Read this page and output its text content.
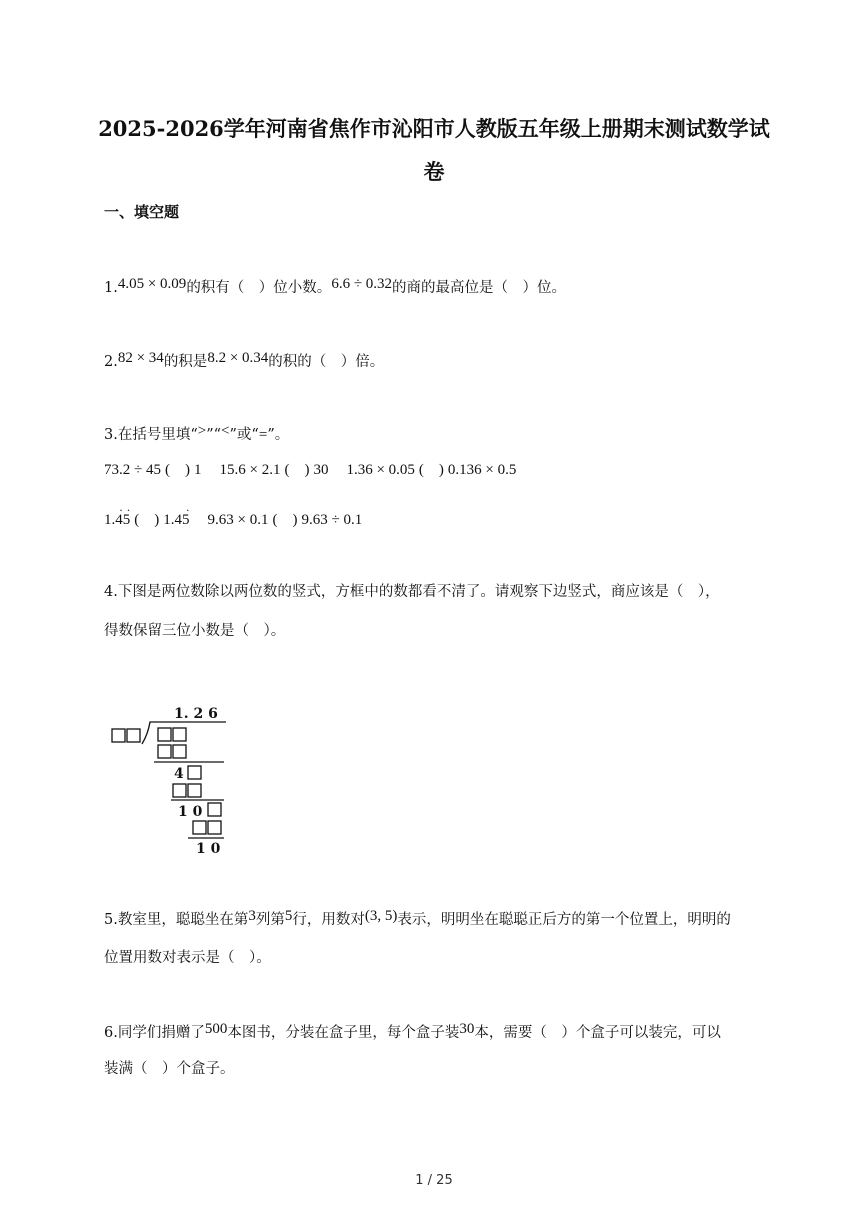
2025-2026学年河南省焦作市沁阳市人教版五年级上册期末测试数学试
卷
一、填空题
1.4.05 × 0.09的积有（　）位小数。6.6 ÷ 0.32的商的最高位是（　）位。
2.82 × 34的积是8.2 × 0.34的积的（　）倍。
3.在括号里填“>”“<”或“=”。
73.2 ÷ 45 (　) 1 15.6 × 2.1 (　) 30 1.36 × 0.05 (　) 0.136 × 0.5
1.· 4· 5 (　) 1.4· 5 9.63 × 0.1 (　) 9.63 ÷ 0.1
4.下图是两位数除以两位数的竖式，方框中的数都看不清了。请观察下边竖式，商应该是（　），
得数保留三位小数是（　）。
1. 2 6
4
1 0
1 0
5.教室里，聪聪坐在第3列第5行，用数对(3, 5)表示，明明坐在聪聪正后方的第一个位置上，明明的
位置用数对表示是（　）。
6.同学们捐赠了500本图书，分装在盒子里，每个盒子装30本，需要（　）个盒子可以装完，可以
装满（　）个盒子。
1 / 25
